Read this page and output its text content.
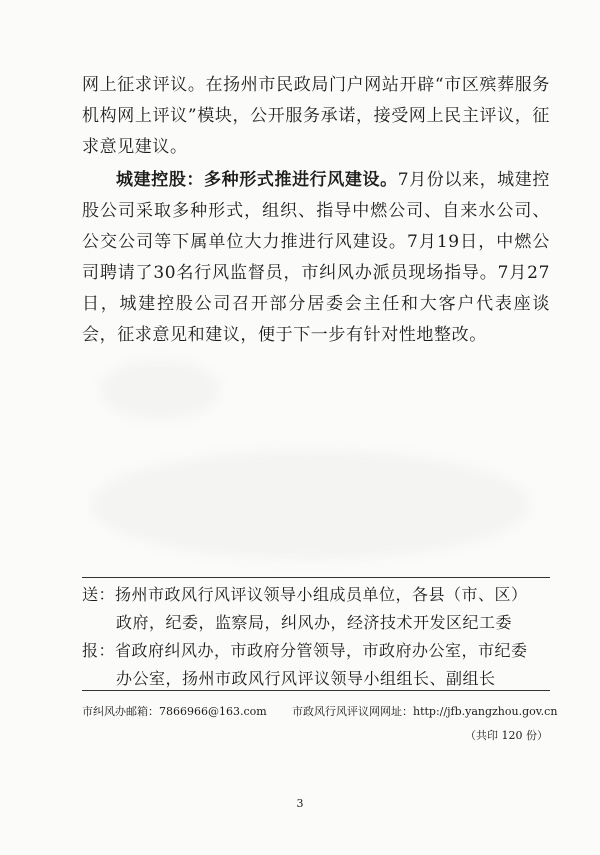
网上征求评议。在扬州市民政局门户网站开辟“市区殡葬服务机构网上评议”模块，公开服务承诺，接受网上民主评议，征求意见建议。

城建控股：多种形式推进行风建设。7月份以来，城建控股公司采取多种形式，组织、指导中燃公司、自来水公司、公交公司等下属单位大力推进行风建设。7月19日，中燃公司聘请了30名行风监督员，市纠风办派员现场指导。7月27日，城建控股公司召开部分居委会主任和大客户代表座谈会，征求意见和建议，便于下一步有针对性地整改。

送：扬州市政风行风评议领导小组成员单位，各县（市、区）
政府，纪委，监察局，纠风办，经济技术开发区纪工委
报：省政府纠风办，市政府分管领导，市政府办公室，市纪委
办公室，扬州市政风行风评议领导小组组长、副组长
市纠风办邮箱：7866966@163.com 市政风行风评议网网址：http://jfb.yangzhou.gov.cn
（共印 120 份）
3
